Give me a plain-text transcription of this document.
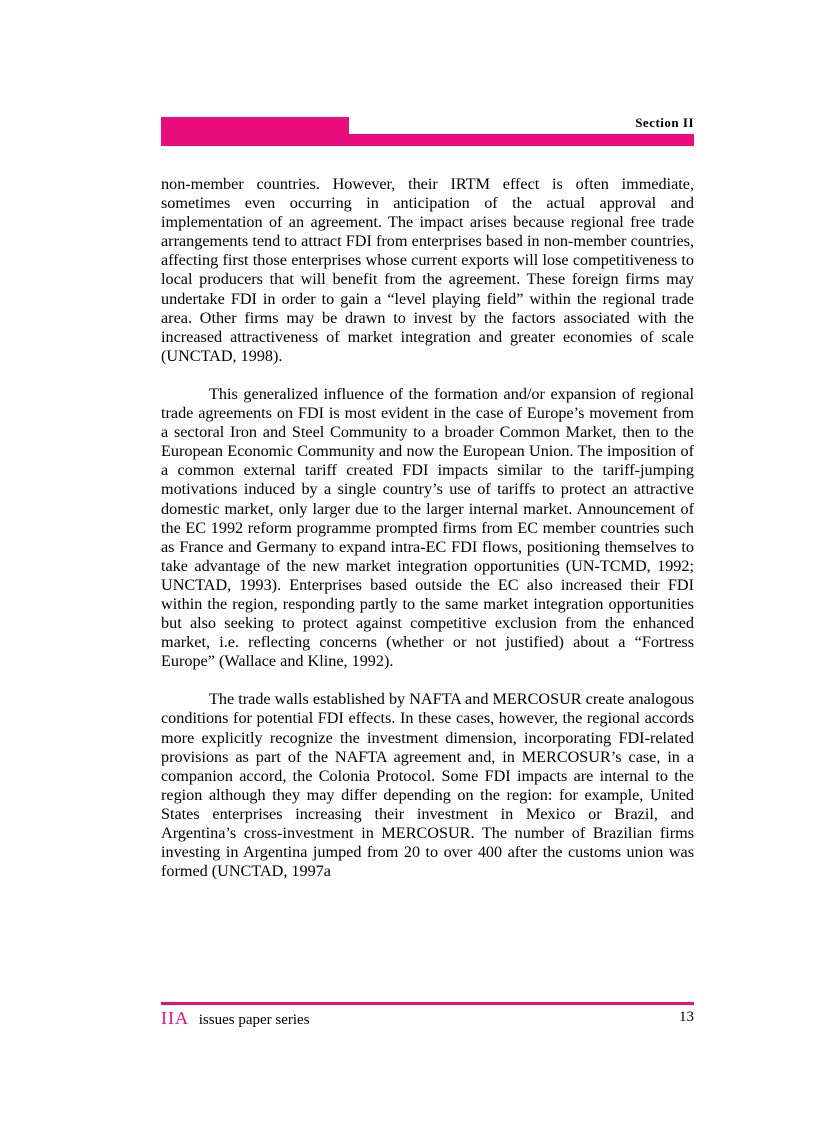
Section II

non-member countries. However, their IRTM effect is often immediate, sometimes even occurring in anticipation of the actual approval and implementation of an agreement. The impact arises because regional free trade arrangements tend to attract FDI from enterprises based in non-member countries, affecting first those enterprises whose current exports will lose competitiveness to local producers that will benefit from the agreement. These foreign firms may undertake FDI in order to gain a “level playing field” within the regional trade area. Other firms may be drawn to invest by the factors associated with the increased attractiveness of market integration and greater economies of scale (UNCTAD, 1998).

This generalized influence of the formation and/or expansion of regional trade agreements on FDI is most evident in the case of Europe’s movement from a sectoral Iron and Steel Community to a broader Common Market, then to the European Economic Community and now the European Union. The imposition of a common external tariff created FDI impacts similar to the tariff-jumping motivations induced by a single country’s use of tariffs to protect an attractive domestic market, only larger due to the larger internal market. Announcement of the EC 1992 reform programme prompted firms from EC member countries such as France and Germany to expand intra-EC FDI flows, positioning themselves to take advantage of the new market integration opportunities (UN-TCMD, 1992; UNCTAD, 1993). Enterprises based outside the EC also increased their FDI within the region, responding partly to the same market integration opportunities but also seeking to protect against competitive exclusion from the enhanced market, i.e. reflecting concerns (whether or not justified) about a “Fortress Europe” (Wallace and Kline, 1992).

The trade walls established by NAFTA and MERCOSUR create analogous conditions for potential FDI effects. In these cases, however, the regional accords more explicitly recognize the investment dimension, incorporating FDI-related provisions as part of the NAFTA agreement and, in MERCOSUR’s case, in a companion accord, the Colonia Protocol. Some FDI impacts are internal to the region although they may differ depending on the region: for example, United States enterprises increasing their investment in Mexico or Brazil, and Argentina’s cross-investment in MERCOSUR. The number of Brazilian firms investing in Argentina jumped from 20 to over 400 after the customs union was formed (UNCTAD, 1997a

IIA issues paper series	13
